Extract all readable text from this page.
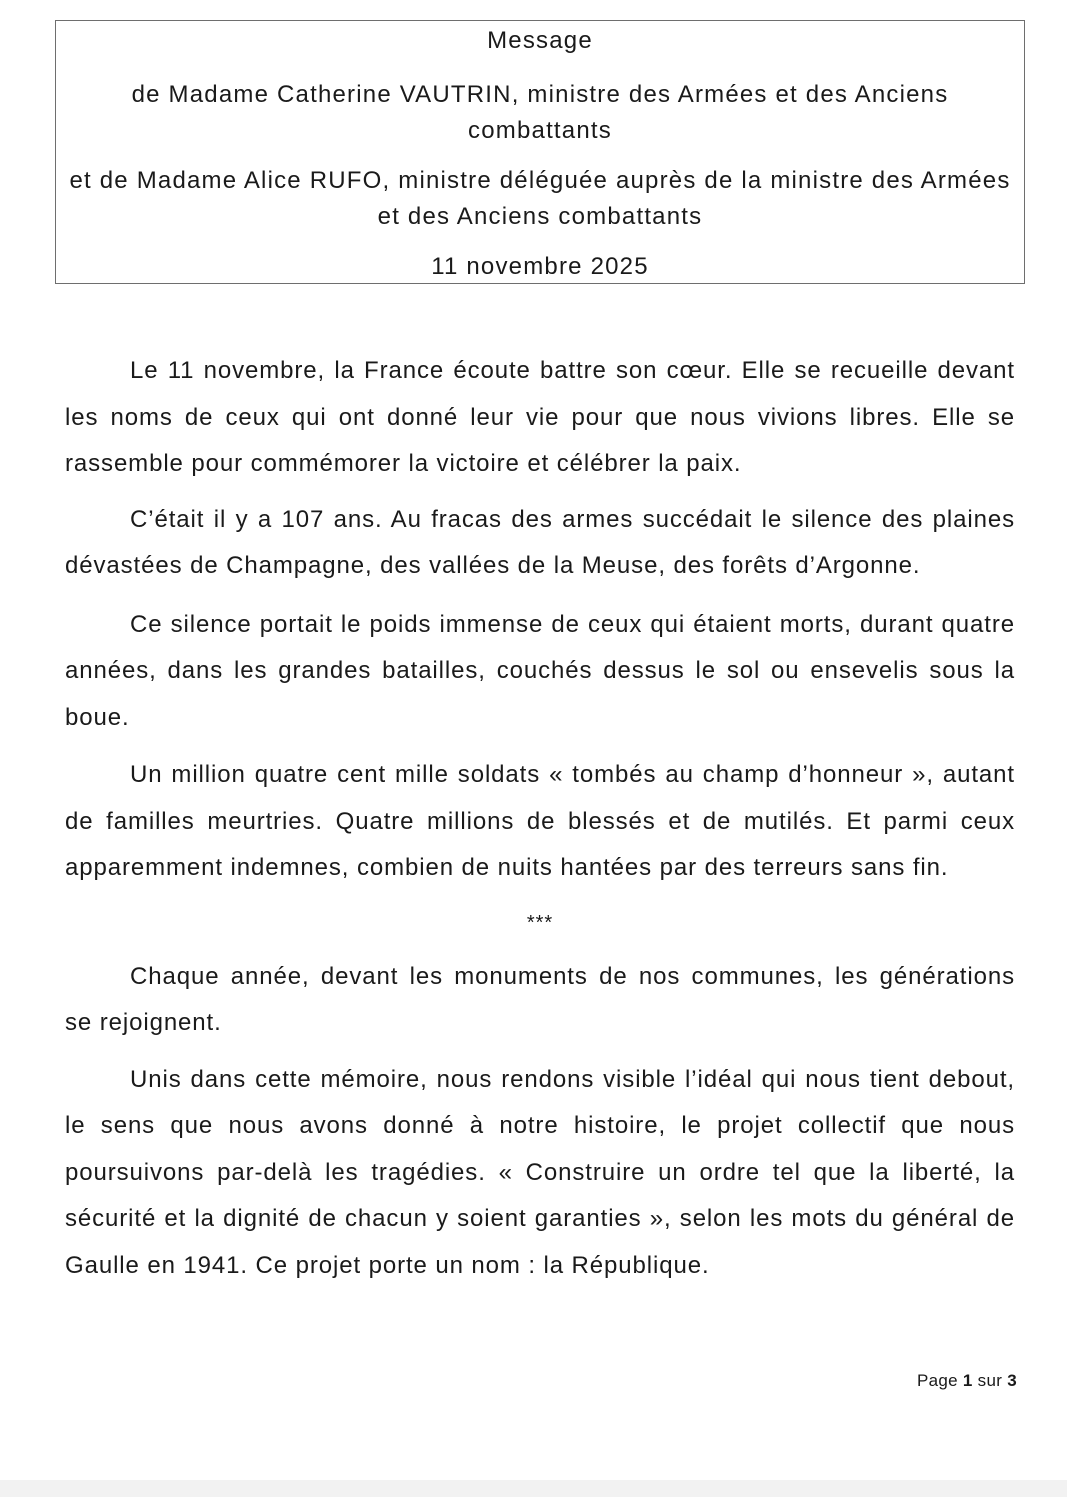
Message
de Madame Catherine VAUTRIN, ministre des Armées et des Anciens combattants
et de Madame Alice RUFO, ministre déléguée auprès de la ministre des Armées et des Anciens combattants
11 novembre 2025

Le 11 novembre, la France écoute battre son cœur. Elle se recueille devant les noms de ceux qui ont donné leur vie pour que nous vivions libres. Elle se rassemble pour commémorer la victoire et célébrer la paix.

C’était il y a 107 ans. Au fracas des armes succédait le silence des plaines dévastées de Champagne, des vallées de la Meuse, des forêts d’Argonne.

Ce silence portait le poids immense de ceux qui étaient morts, durant quatre années, dans les grandes batailles, couchés dessus le sol ou ensevelis sous la boue.

Un million quatre cent mille soldats « tombés au champ d’honneur », autant de familles meurtries. Quatre millions de blessés et de mutilés. Et parmi ceux apparemment indemnes, combien de nuits hantées par des terreurs sans fin.

***

Chaque année, devant les monuments de nos communes, les générations se rejoignent.

Unis dans cette mémoire, nous rendons visible l’idéal qui nous tient debout, le sens que nous avons donné à notre histoire, le projet collectif que nous poursuivons par-delà les tragédies. « Construire un ordre tel que la liberté, la sécurité et la dignité de chacun y soient garanties », selon les mots du général de Gaulle en 1941. Ce projet porte un nom : la République.

Page 1 sur 3
